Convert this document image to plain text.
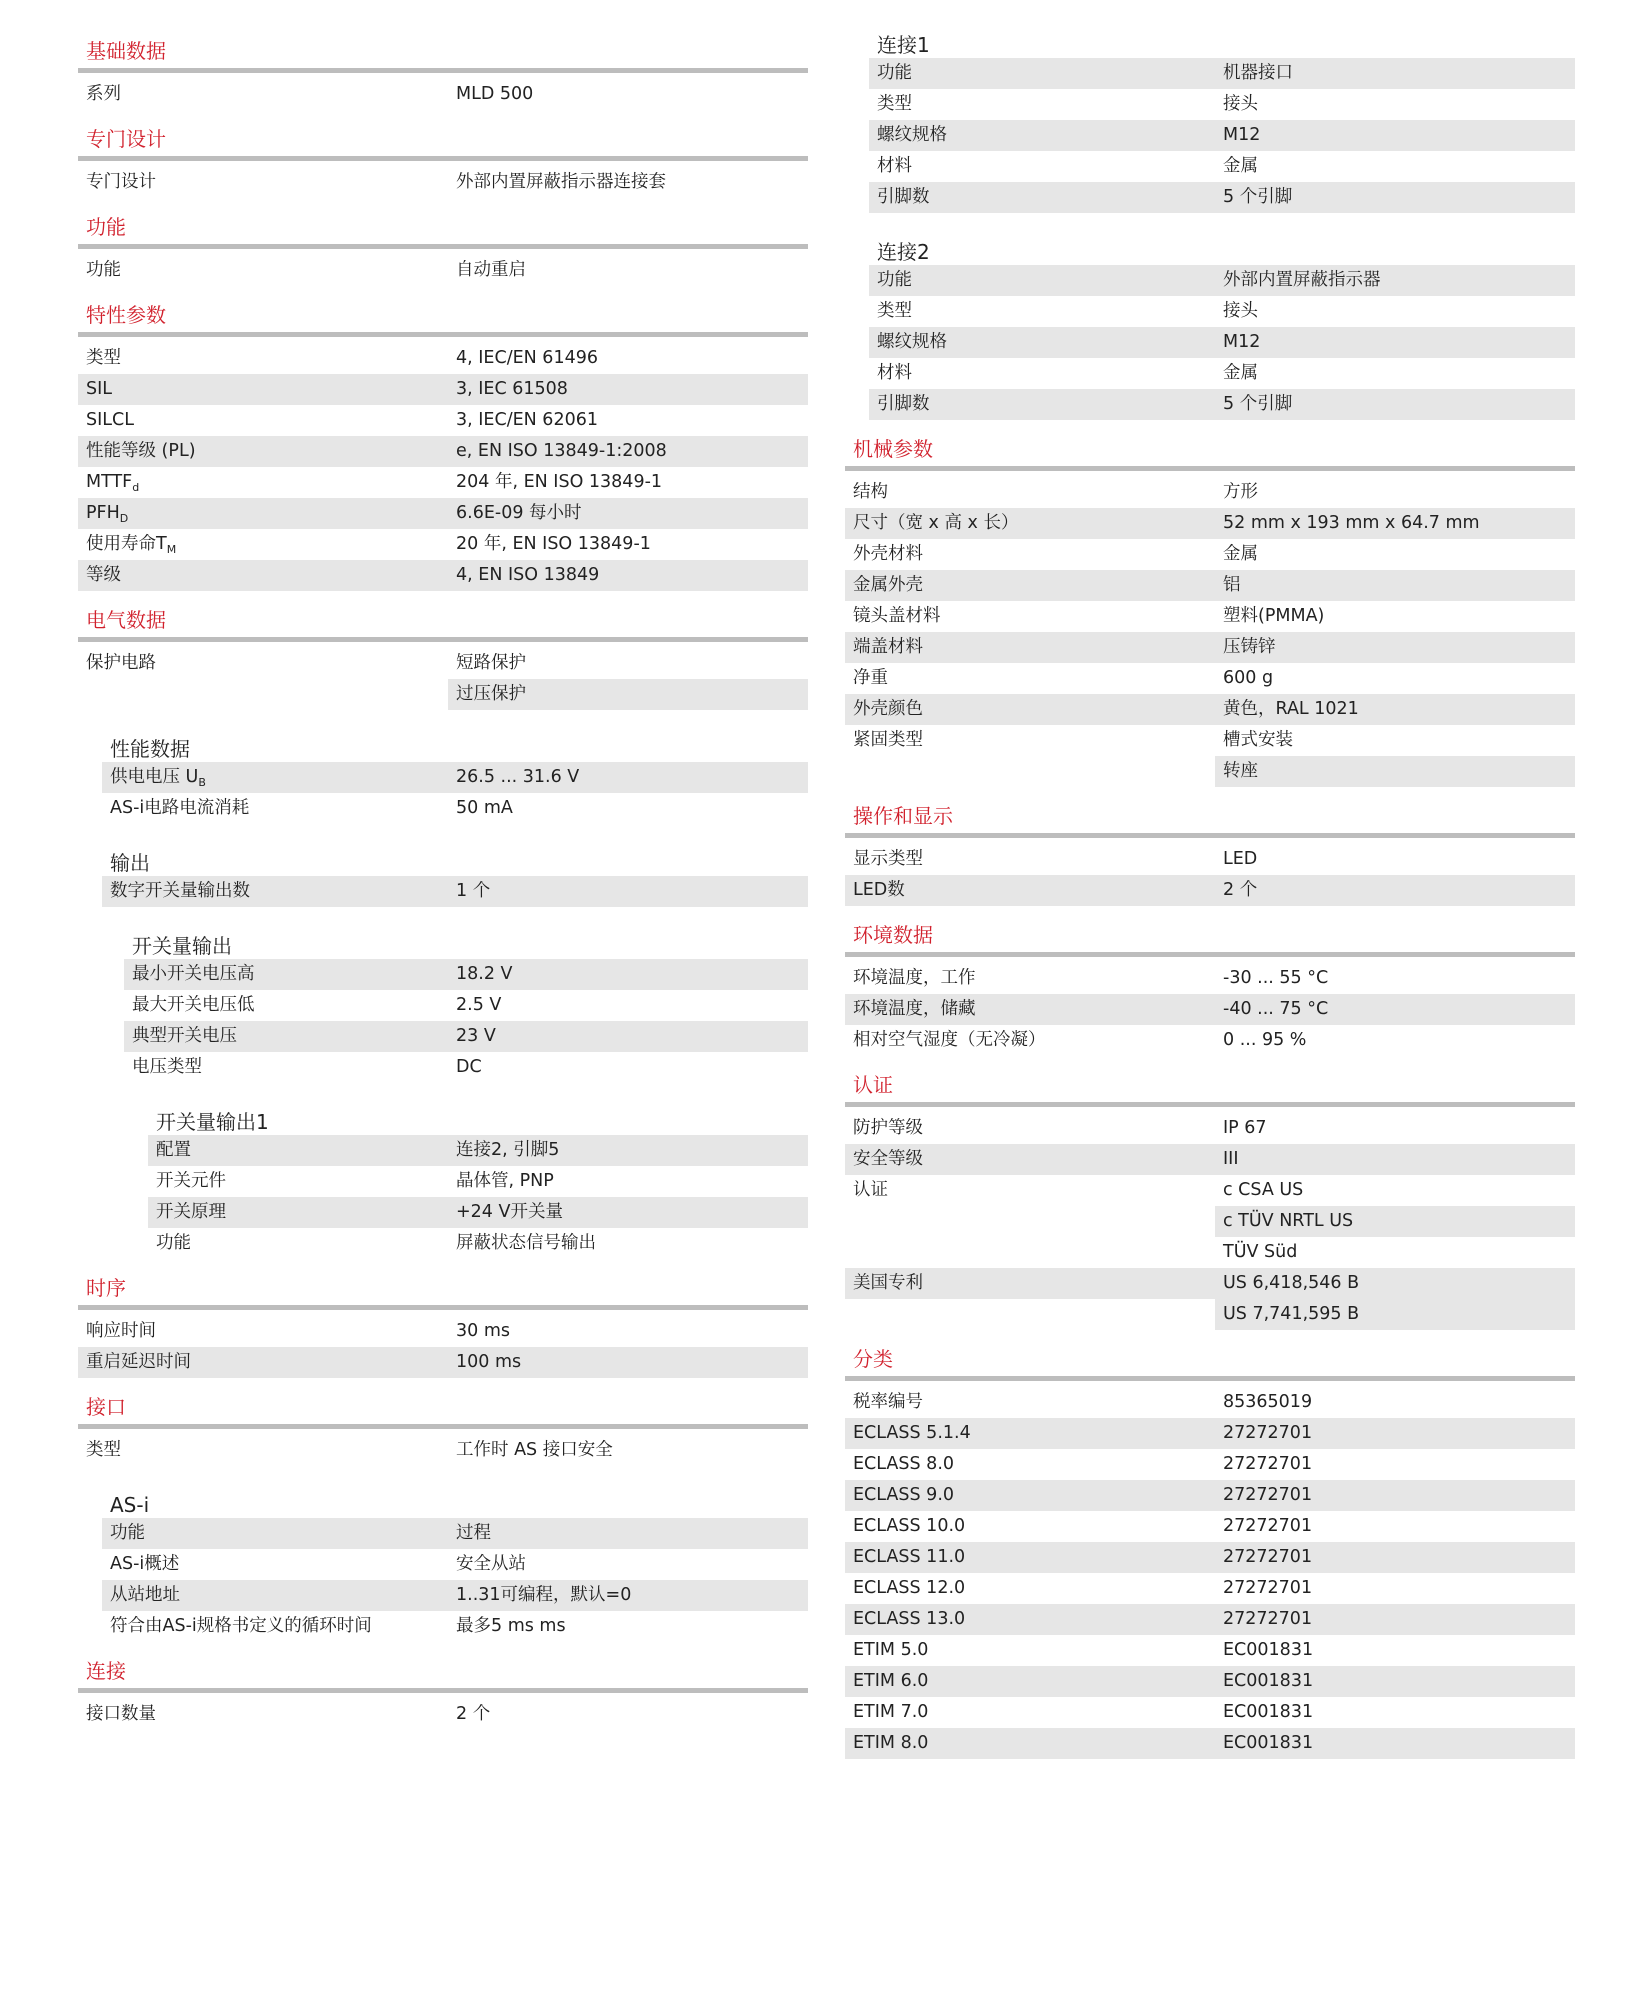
基础数据
系列	MLD 500
专门设计
专门设计	外部内置屏蔽指示器连接套
功能
功能	自动重启
特性参数
类型	4, IEC/EN 61496
SIL	3, IEC 61508
SILCL	3, IEC/EN 62061
性能等级 (PL)	e, EN ISO 13849-1:2008
$MTTF_d$	204 年, EN ISO 13849-1
$PFH_D$	6.6E-09 每小时
使用寿命$T_M$	20 年, EN ISO 13849-1
等级	4, EN ISO 13849
电气数据
保护电路	短路保护
过压保护
性能数据
供电电压 $U_B$	26.5 ... 31.6 V
AS-i电路电流消耗	50 mA
输出
数字开关量输出数	1 个
开关量输出
最小开关电压高	18.2 V
最大开关电压低	2.5 V
典型开关电压	23 V
电压类型	DC
开关量输出1
配置	连接2, 引脚5
开关元件	晶体管, PNP
开关原理	+24 V开关量
功能	屏蔽状态信号输出
时序
响应时间	30 ms
重启延迟时间	100 ms
接口
类型	工作时 AS 接口安全
AS-i
功能	过程
AS-i概述	安全从站
从站地址	1..31可编程，默认=0
符合由AS-i规格书定义的循环时间	最多5 ms ms
连接
接口数量	2 个
连接1
功能	机器接口
类型	接头
螺纹规格	M12
材料	金属
引脚数	5 个引脚
连接2
功能	外部内置屏蔽指示器
类型	接头
螺纹规格	M12
材料	金属
引脚数	5 个引脚
机械参数
结构	方形
尺寸（宽 x 高 x 长）	52 mm x 193 mm x 64.7 mm
外壳材料	金属
金属外壳	铝
镜头盖材料	塑料(PMMA)
端盖材料	压铸锌
净重	600 g
外壳颜色	黄色，RAL 1021
紧固类型	槽式安装
转座
操作和显示
显示类型	LED
LED数	2 个
环境数据
环境温度，工作	-30 ... 55 °C
环境温度，储藏	-40 ... 75 °C
相对空气湿度（无冷凝）	0 ... 95 %
认证
防护等级	IP 67
安全等级	III
认证	c CSA US
c TÜV NRTL US
TÜV Süd
美国专利	US 6,418,546 B
US 7,741,595 B
分类
税率编号	85365019
ECLASS 5.1.4	27272701
ECLASS 8.0	27272701
ECLASS 9.0	27272701
ECLASS 10.0	27272701
ECLASS 11.0	27272701
ECLASS 12.0	27272701
ECLASS 13.0	27272701
ETIM 5.0	EC001831
ETIM 6.0	EC001831
ETIM 7.0	EC001831
ETIM 8.0	EC001831
